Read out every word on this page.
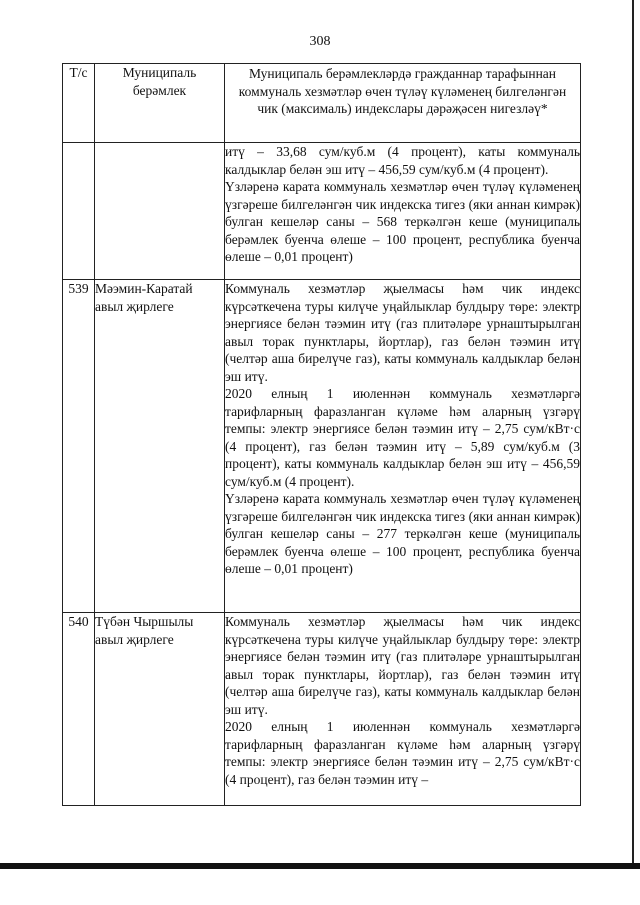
308
Т/с	Муниципаль берәмлек	Муниципаль берәмлекләрдә гражданнар тарафыннан коммуналь хезмәтләр өчен түләү күләменең билгеләнгән чик (максималь) индекслары дәрәҗәсен нигезләү*

		итү – 33,68 сум/куб.м (4 процент), каты коммуналь калдыклар белән эш итү – 456,59 сум/куб.м (4 процент).

Үзләренә карата коммуналь хезмәтләр өчен түләү күләменең үзгәреше билгеләнгән чик индекска тигез (яки аннан кимрәк) булган кешеләр саны – 568 теркәлгән кеше (муниципаль берәмлек буенча өлеше – 100 процент, республика буенча өлеше – 0,01 процент)

539	Мәэмин-Каратай авыл җирлеге	Коммуналь хезмәтләр җыелмасы һәм чик индекс күрсәткечена туры килүче уңайлыклар булдыру төре: электр энергиясе белән тәэмин итү (газ плитәләре урнаштырылган авыл торак пунктлары, йортлар), газ белән тәэмин итү (челтәр аша бирелүче газ), каты коммуналь калдыклар белән эш итү.

2020 елның 1 июленнән коммуналь хезмәтләргә тарифларның фаразланган күләме һәм аларның үзгәрү темпы: электр энергиясе белән тәэмин итү – 2,75 сум/кВт·с (4 процент), газ белән тәэмин итү – 5,89 сум/куб.м (3 процент), каты коммуналь калдыклар белән эш итү – 456,59 сум/куб.м (4 процент).

Үзләренә карата коммуналь хезмәтләр өчен түләү күләменең үзгәреше билгеләнгән чик индекска тигез (яки аннан кимрәк) булган кешеләр саны – 277 теркәлгән кеше (муниципаль берәмлек буенча өлеше – 100 процент, республика буенча өлеше – 0,01 процент)

540	Түбән Чыршылы авыл җирлеге	Коммуналь хезмәтләр җыелмасы һәм чик индекс күрсәткечена туры килүче уңайлыклар булдыру төре: электр энергиясе белән тәэмин итү (газ плитәләре урнаштырылган авыл торак пунктлары, йортлар), газ белән тәэмин итү (челтәр аша бирелүче газ), каты коммуналь калдыклар белән эш итү.

2020 елның 1 июленнән коммуналь хезмәтләргә тарифларның фаразланган күләме һәм аларның үзгәрү темпы: электр энергиясе белән тәэмин итү – 2,75 сум/кВт·с (4 процент), газ белән тәэмин итү –
